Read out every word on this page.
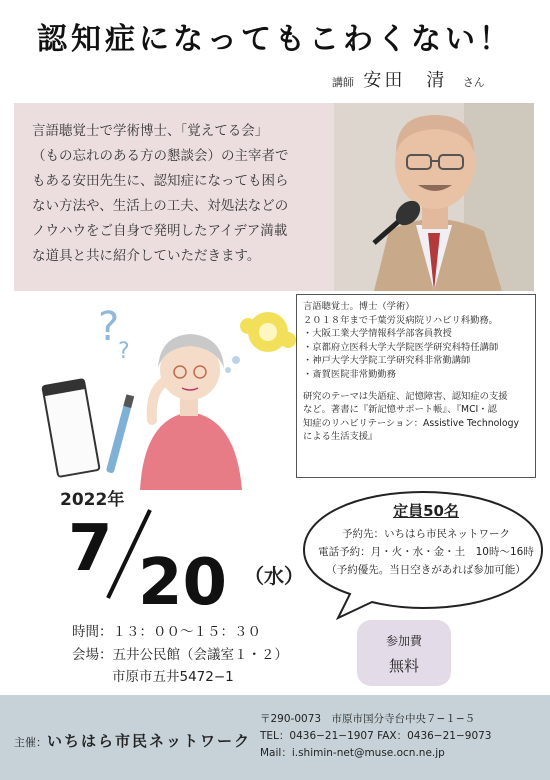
認知症になってもこわくない！
講師 安田　清 さん
言語聴覚士で学術博士、「覚えてる会」
（もの忘れのある方の懇談会）の主宰者で
もある安田先生に、認知症になっても困ら
ない方法や、生活上の工夫、対処法などの
ノウハウをご自身で発明したアイデア満載
な道具と共に紹介していただきます。
?
?
言語聴覚士。博士（学術）
２０１８年まで千葉労災病院リハビリ科勤務。
・大阪工業大学情報科学部客員教授
・京都府立医科大学大学院医学研究科特任講師
・神戸大学大学院工学研究科非常勤講師
・斎賀医院非常勤勤務
研究のテーマは失語症、記憶障害、認知症の支援
など。著書に『新記憶サポート帳』、『MCI・認
知症のリハビリテーション：Assistive Technology
による生活支援』
2022年
7 20 （水）
定員50名
予約先：いちはら市民ネットワーク
電話予約：月・火・水・金・土　10時〜16時
（予約優先。当日空きがあれば参加可能）
時間：１３：００〜１５：３０
会場：五井公民館（会議室１・２）
市原市五井5472−1
参加費
無料
主催：いちはら市民ネットワーク
〒290-0073　市原市国分寺台中央７−１−５
TEL：0436−21−1907 FAX：0436−21−9073
Mail：i.shimin-net@muse.ocn.ne.jp
